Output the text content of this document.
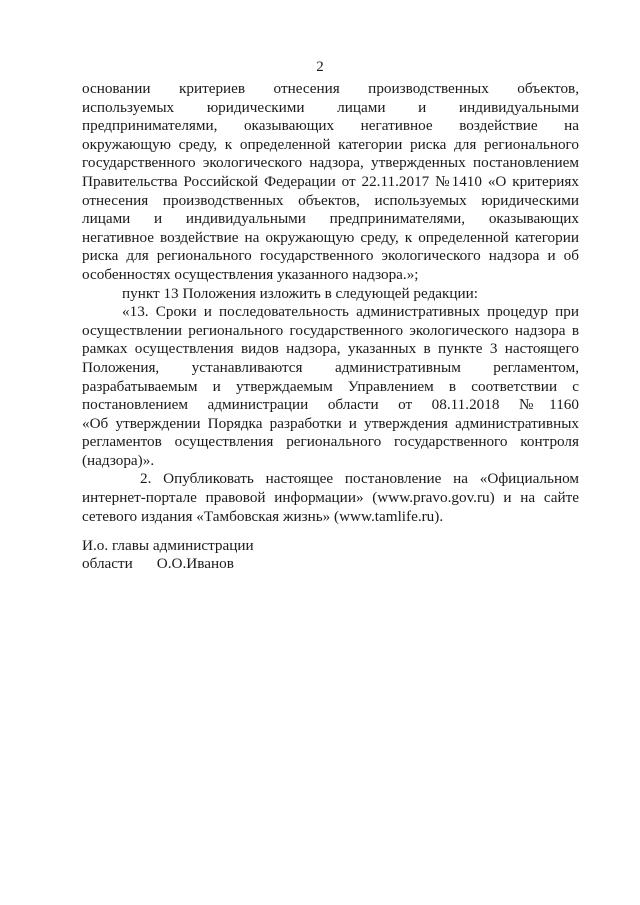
2
основании критериев отнесения производственных объектов,
используемых юридическими лицами и индивидуальными
предпринимателями, оказывающих негативное воздействие на
окружающую среду, к определенной категории риска для регионального
государственного экологического надзора, утвержденных постановлением
Правительства Российской Федерации от 22.11.2017 №1410 «О критериях
отнесения производственных объектов, используемых юридическими
лицами и индивидуальными предпринимателями, оказывающих
негативное воздействие на окружающую среду, к определенной категории
риска для регионального государственного экологического надзора и об
особенностях осуществления указанного надзора.»;
пункт 13 Положения изложить в следующей редакции:
«13. Сроки и последовательность административных процедур при
осуществлении регионального государственного экологического надзора в
рамках осуществления видов надзора, указанных в пункте 3 настоящего
Положения, устанавливаются административным регламентом,
разрабатываемым и утверждаемым Управлением в соответствии с
постановлением администрации области от 08.11.2018 №1160
«Об утверждении Порядка разработки и утверждения административных
регламентов осуществления регионального государственного контроля
(надзора)».
2. Опубликовать настоящее постановление на «Официальном
интернет-портале правовой информации» (www.pravo.gov.ru) и на сайте
сетевого издания «Тамбовская жизнь» (www.tamlife.ru).
И.о. главы администрации
области О.О.Иванов
